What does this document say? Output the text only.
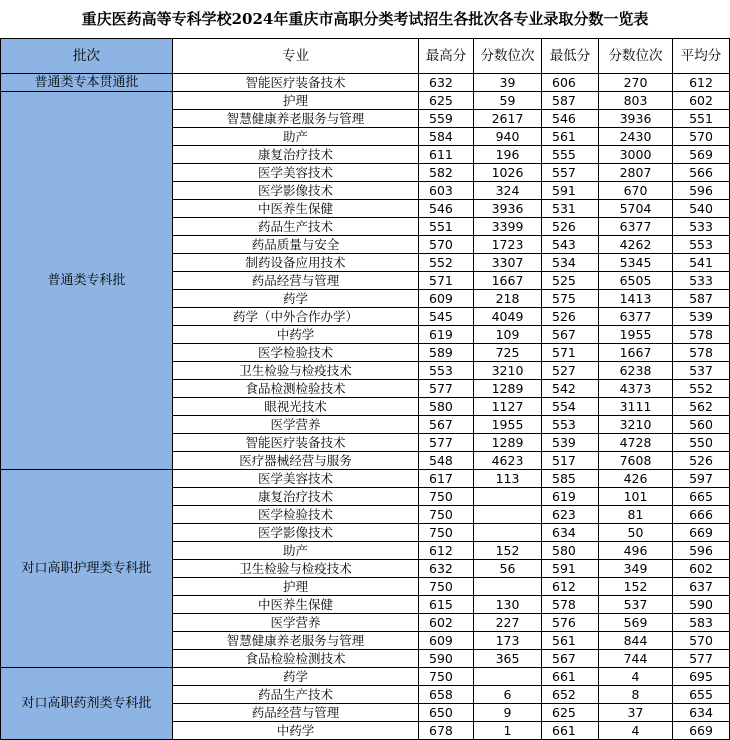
重庆医药高等专科学校2024年重庆市高职分类考试招生各批次各专业录取分数一览表
批次	专业	最高分	分数位次	最低分	分数位次	平均分
普通类专本贯通批	智能医疗装备技术	632	39	606	270	612
普通类专科批	护理	625	59	587	803	602
	智慧健康养老服务与管理	559	2617	546	3936	551
	助产	584	940	561	2430	570
	康复治疗技术	611	196	555	3000	569
	医学美容技术	582	1026	557	2807	566
	医学影像技术	603	324	591	670	596
	中医养生保健	546	3936	531	5704	540
	药品生产技术	551	3399	526	6377	533
	药品质量与安全	570	1723	543	4262	553
	制药设备应用技术	552	3307	534	5345	541
	药品经营与管理	571	1667	525	6505	533
	药学	609	218	575	1413	587
	药学（中外合作办学）	545	4049	526	6377	539
	中药学	619	109	567	1955	578
	医学检验技术	589	725	571	1667	578
	卫生检验与检疫技术	553	3210	527	6238	537
	食品检测检验技术	577	1289	542	4373	552
	眼视光技术	580	1127	554	3111	562
	医学营养	567	1955	553	3210	560
	智能医疗装备技术	577	1289	539	4728	550
	医疗器械经营与服务	548	4623	517	7608	526
对口高职护理类专科批	医学美容技术	617	113	585	426	597
	康复治疗技术	750		619	101	665
	医学检验技术	750		623	81	666
	医学影像技术	750		634	50	669
	助产	612	152	580	496	596
	卫生检验与检疫技术	632	56	591	349	602
	护理	750		612	152	637
	中医养生保健	615	130	578	537	590
	医学营养	602	227	576	569	583
	智慧健康养老服务与管理	609	173	561	844	570
	食品检验检测技术	590	365	567	744	577
对口高职药剂类专科批	药学	750		661	4	695
	药品生产技术	658	6	652	8	655
	药品经营与管理	650	9	625	37	634
	中药学	678	1	661	4	669
